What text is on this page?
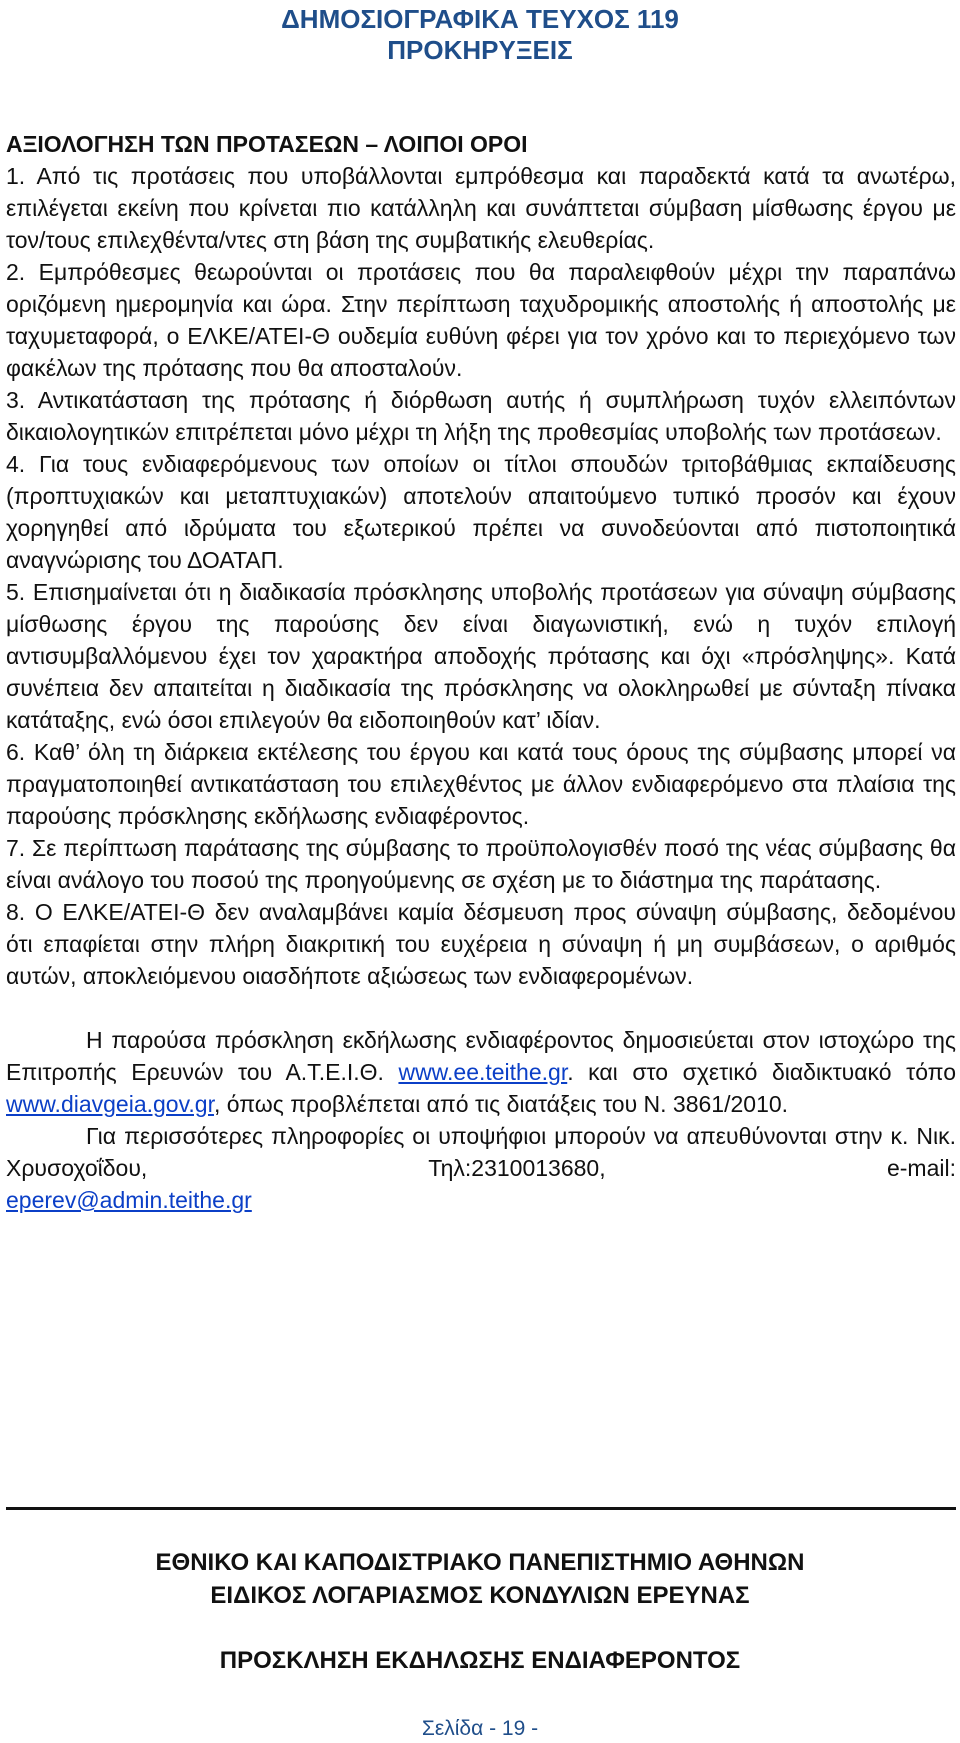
ΔΗΜΟΣΙΟΓΡΑΦΙΚΑ ΤΕΥΧΟΣ 119
ΠΡΟΚΗΡΥΞΕΙΣ
ΑΞΙΟΛΟΓΗΣΗ ΤΩΝ ΠΡΟΤΑΣΕΩΝ – ΛΟΙΠΟΙ ΟΡΟΙ

1. Από τις προτάσεις που υποβάλλονται εμπρόθεσμα και παραδεκτά κατά τα ανωτέρω, επιλέγεται εκείνη που κρίνεται πιο κατάλληλη και συνάπτεται σύμβαση μίσθωσης έργου με τον/τους επιλεχθέντα/ντες στη βάση της συμβατικής ελευθερίας.

2. Εμπρόθεσμες θεωρούνται οι προτάσεις που θα παραλειφθούν μέχρι την παραπάνω οριζόμενη ημερομηνία και ώρα. Στην περίπτωση ταχυδρομικής αποστολής ή αποστολής με ταχυμεταφορά, ο ΕΛΚΕ/ΑΤΕΙ-Θ ουδεμία ευθύνη φέρει για τον χρόνο και το περιεχόμενο των φακέλων της πρότασης που θα αποσταλούν.

3. Αντικατάσταση της πρότασης ή διόρθωση αυτής ή συμπλήρωση τυχόν ελλειπόντων δικαιολογητικών επιτρέπεται μόνο μέχρι τη λήξη της προθεσμίας υποβολής των προτάσεων.

4. Για τους ενδιαφερόμενους των οποίων οι τίτλοι σπουδών τριτοβάθμιας εκπαίδευσης (προπτυχιακών και μεταπτυχιακών) αποτελούν απαιτούμενο τυπικό προσόν και έχουν χορηγηθεί από ιδρύματα του εξωτερικού πρέπει να συνοδεύονται από πιστοποιητικά αναγνώρισης του ΔΟΑΤΑΠ.

5. Επισημαίνεται ότι η διαδικασία πρόσκλησης υποβολής προτάσεων για σύναψη σύμβασης μίσθωσης έργου της παρούσης δεν είναι διαγωνιστική, ενώ η τυχόν επιλογή αντισυμβαλλόμενου έχει τον χαρακτήρα αποδοχής πρότασης και όχι «πρόσληψης». Κατά συνέπεια δεν απαιτείται η διαδικασία της πρόσκλησης να ολοκληρωθεί με σύνταξη πίνακα κατάταξης, ενώ όσοι επιλεγούν θα ειδοποιηθούν κατ’ ιδίαν.

6. Καθ’ όλη τη διάρκεια εκτέλεσης του έργου και κατά τους όρους της σύμβασης μπορεί να πραγματοποιηθεί αντικατάσταση του επιλεχθέντος με άλλον ενδιαφερόμενο στα πλαίσια της παρούσης πρόσκλησης εκδήλωσης ενδιαφέροντος.

7. Σε περίπτωση παράτασης της σύμβασης το προϋπολογισθέν ποσό της νέας σύμβασης θα είναι ανάλογο του ποσού της προηγούμενης σε σχέση με το διάστημα της παράτασης.

8. Ο ΕΛΚΕ/ΑΤΕΙ-Θ δεν αναλαμβάνει καμία δέσμευση προς σύναψη σύμβασης, δεδομένου ότι επαφίεται στην πλήρη διακριτική του ευχέρεια η σύναψη ή μη συμβάσεων, ο αριθμός αυτών, αποκλειόμενου οιασδήποτε αξιώσεως των ενδιαφερομένων.

Η παρούσα πρόσκληση εκδήλωσης ενδιαφέροντος δημοσιεύεται στον ιστοχώρο της Επιτροπής Ερευνών του Α.Τ.Ε.Ι.Θ. www.ee.teithe.gr. και στο σχετικό διαδικτυακό τόπο www.diavgeia.gov.gr, όπως προβλέπεται από τις διατάξεις του Ν. 3861/2010.

Για περισσότερες πληροφορίες οι υποψήφιοι μπορούν να απευθύνονται στην κ. Νικ. Χρυσοχοΐδου, Τηλ:2310013680, e-mail:

eperev@admin.teithe.gr

ΕΘΝΙΚΟ ΚΑΙ ΚΑΠΟΔΙΣΤΡΙΑΚΟ ΠΑΝΕΠΙΣΤΗΜΙΟ ΑΘΗΝΩΝ
ΕΙΔΙΚΟΣ ΛΟΓΑΡΙΑΣΜΟΣ ΚΟΝΔΥΛΙΩΝ ΕΡΕΥΝΑΣ
ΠΡΟΣΚΛΗΣΗ ΕΚΔΗΛΩΣΗΣ ΕΝΔΙΑΦΕΡΟΝΤΟΣ
Σελίδα - 19 -
